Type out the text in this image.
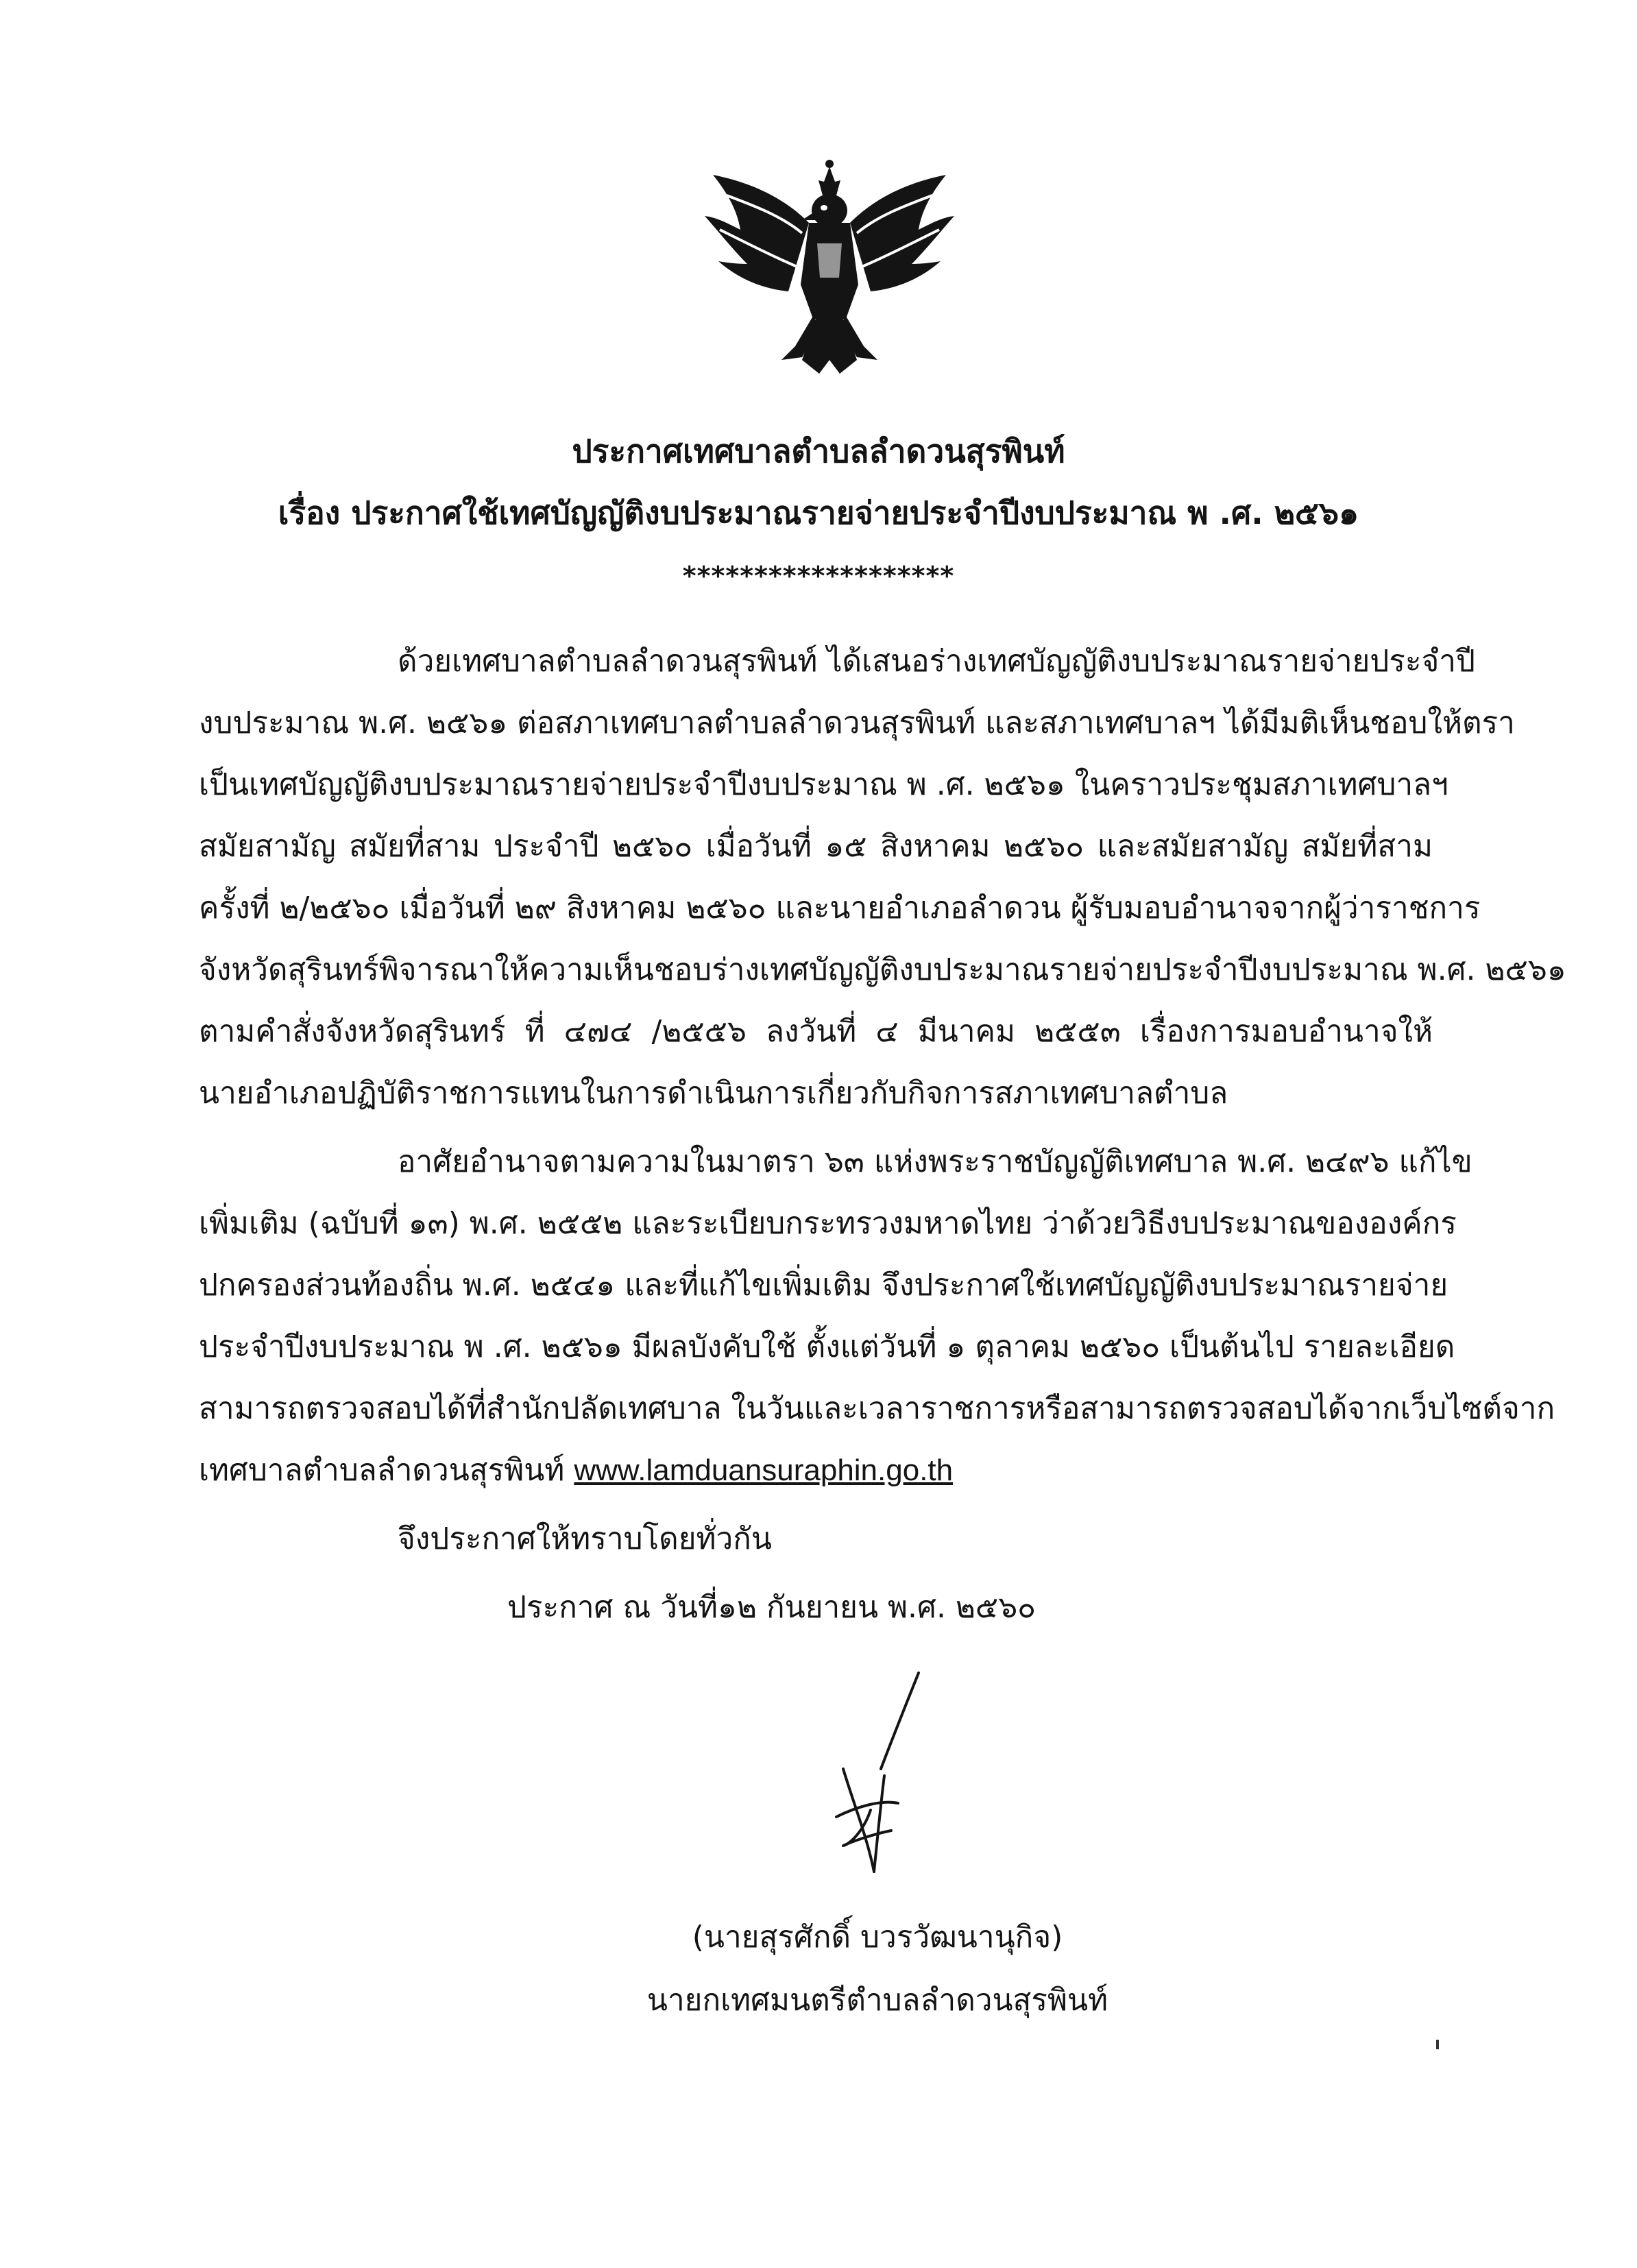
ประกาศเทศบาลตำบลลำดวนสุรพินท์
เรื่อง ประกาศใช้เทศบัญญัติงบประมาณรายจ่ายประจำปีงบประมาณ พ .ศ. ๒๕๖๑
*******************
ด้วยเทศบาลตำบลลำดวนสุรพินท์ ได้เสนอร่างเทศบัญญัติงบประมาณรายจ่ายประจำปี
งบประมาณ พ.ศ. ๒๕๖๑ ต่อสภาเทศบาลตำบลลำดวนสุรพินท์ และสภาเทศบาลฯ ได้มีมติเห็นชอบให้ตรา
เป็นเทศบัญญัติงบประมาณรายจ่ายประจำปีงบประมาณ พ .ศ. ๒๕๖๑ ในคราวประชุมสภาเทศบาลฯ
สมัยสามัญ สมัยที่สาม ประจำปี ๒๕๖๐ เมื่อวันที่ ๑๕ สิงหาคม ๒๕๖๐ และสมัยสามัญ สมัยที่สาม
ครั้งที่ ๒/๒๕๖๐ เมื่อวันที่ ๒๙ สิงหาคม ๒๕๖๐ และนายอำเภอลำดวน ผู้รับมอบอำนาจจากผู้ว่าราชการ
จังหวัดสุรินทร์พิจารณาให้ความเห็นชอบร่างเทศบัญญัติงบประมาณรายจ่ายประจำปีงบประมาณ พ.ศ. ๒๕๖๑
ตามคำสั่งจังหวัดสุรินทร์ ที่ ๔๗๔ /๒๕๕๖ ลงวันที่ ๔ มีนาคม ๒๕๕๓ เรื่องการมอบอำนาจให้
นายอำเภอปฏิบัติราชการแทนในการดำเนินการเกี่ยวกับกิจการสภาเทศบาลตำบล
อาศัยอำนาจตามความในมาตรา ๖๓ แห่งพระราชบัญญัติเทศบาล พ.ศ. ๒๔๙๖ แก้ไข
เพิ่มเติม (ฉบับที่ ๑๓) พ.ศ. ๒๕๕๒ และระเบียบกระทรวงมหาดไทย ว่าด้วยวิธีงบประมาณขององค์กร
ปกครองส่วนท้องถิ่น พ.ศ. ๒๕๔๑ และที่แก้ไขเพิ่มเติม จึงประกาศใช้เทศบัญญัติงบประมาณรายจ่าย
ประจำปีงบประมาณ พ .ศ. ๒๕๖๑ มีผลบังคับใช้ ตั้งแต่วันที่ ๑ ตุลาคม ๒๕๖๐ เป็นต้นไป รายละเอียด
สามารถตรวจสอบได้ที่สำนักปลัดเทศบาล ในวันและเวลาราชการหรือสามารถตรวจสอบได้จากเว็บไซต์จาก
เทศบาลตำบลลำดวนสุรพินท์ www.lamduansuraphin.go.th
จึงประกาศให้ทราบโดยทั่วกัน
ประกาศ ณ วันที่๑๒ กันยายน พ.ศ. ๒๕๖๐
(นายสุรศักดิ์ บวรวัฒนานุกิจ)
นายกเทศมนตรีตำบลลำดวนสุรพินท์
